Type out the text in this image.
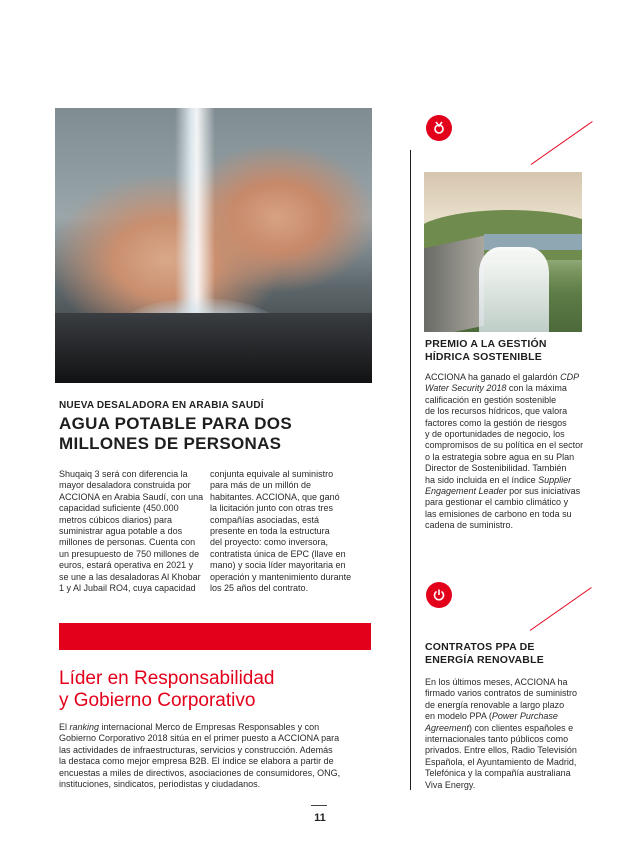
NUEVA DESALADORA EN ARABIA SAUDÍ
AGUA POTABLE PARA DOS
MILLONES DE PERSONAS

Shuqaiq 3 será con diferencia la

mayor desaladora construida por

ACCIONA en Arabia Saudí, con una

capacidad suficiente (450.000

metros cúbicos diarios) para

suministrar agua potable a dos

millones de personas. Cuenta con

un presupuesto de 750 millones de

euros, estará operativa en 2021 y

se une a las desaladoras Al Khobar

1 y Al Jubail RO4, cuya capacidad

conjunta equivale al suministro

para más de un millón de

habitantes. ACCIONA, que ganó

la licitación junto con otras tres

compañías asociadas, está

presente en toda la estructura

del proyecto: como inversora,

contratista única de EPC (llave en

mano) y socia líder mayoritaria en

operación y mantenimiento durante

los 25 años del contrato.

Líder en Responsabilidad
y Gobierno Corporativo

El ranking internacional Merco de Empresas Responsables y con

Gobierno Corporativo 2018 sitúa en el primer puesto a ACCIONA para

las actividades de infraestructuras, servicios y construcción. Además

la destaca como mejor empresa B2B. El índice se elabora a partir de

encuestas a miles de directivos, asociaciones de consumidores, ONG,

instituciones, sindicatos, periodistas y ciudadanos.

PREMIO A LA GESTIÓN
HÍDRICA SOSTENIBLE

ACCIONA ha ganado el galardón CDP

Water Security 2018 con la máxima

calificación en gestión sostenible

de los recursos hídricos, que valora

factores como la gestión de riesgos

y de oportunidades de negocio, los

compromisos de su política en el sector

o la estrategia sobre agua en su Plan

Director de Sostenibilidad. También

ha sido incluida en el índice Supplier

Engagement Leader por sus iniciativas

para gestionar el cambio climático y

las emisiones de carbono en toda su

cadena de suministro.

CONTRATOS PPA DE
ENERGÍA RENOVABLE

En los últimos meses, ACCIONA ha

firmado varios contratos de suministro

de energía renovable a largo plazo

en modelo PPA (Power Purchase

Agreement) con clientes españoles e

internacionales tanto públicos como

privados. Entre ellos, Radio Televisión

Española, el Ayuntamiento de Madrid,

Telefónica y la compañía australiana

Viva Energy.

11
